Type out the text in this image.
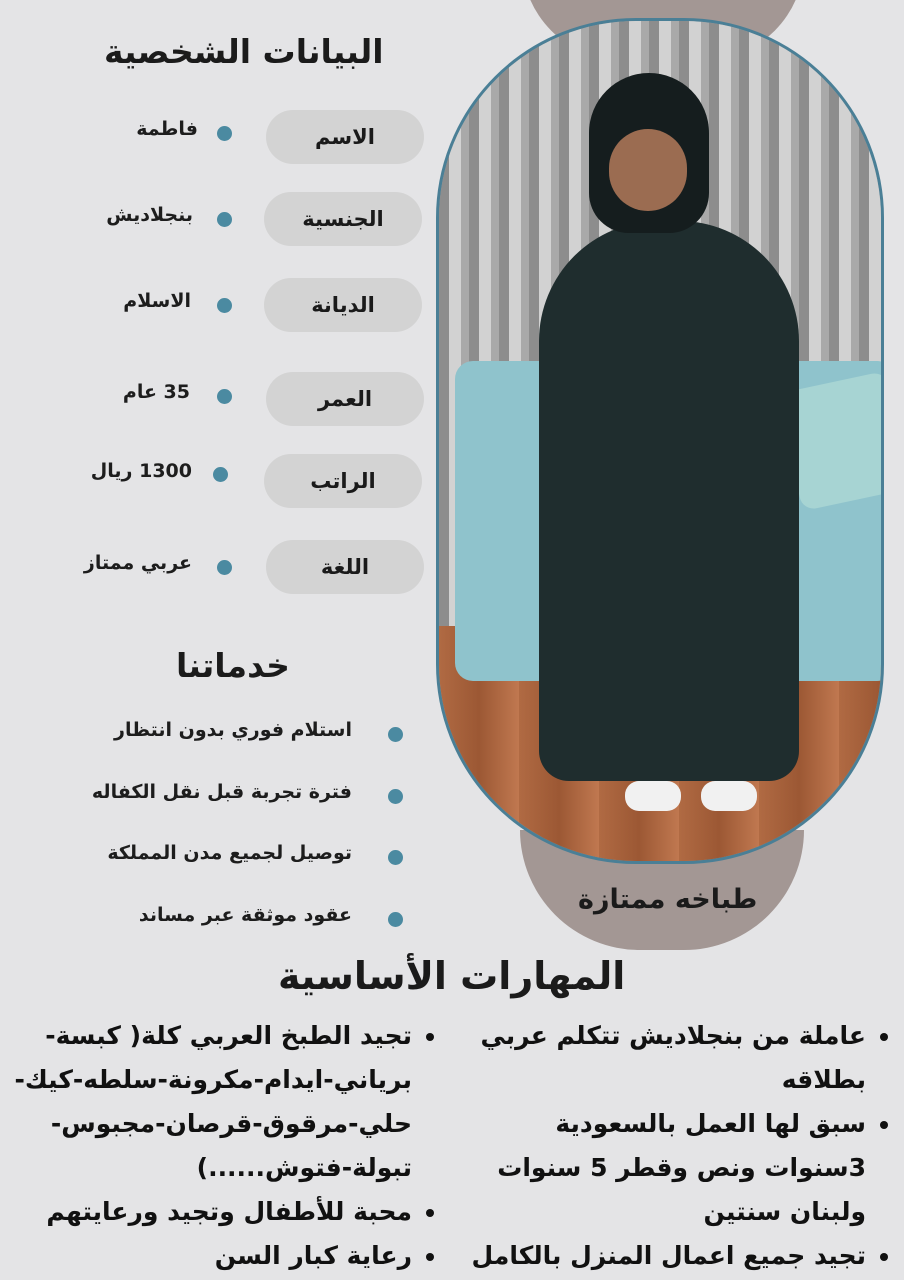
طباخه ممتازة
البيانات الشخصية
الاسم
فاطمة
الجنسية
بنجلاديش
الديانة
الاسلام
العمر
35 عام
الراتب
1300 ريال
اللغة
عربي ممتاز
خدماتنا
استلام فوري بدون انتظار
فترة تجربة قبل نقل الكفاله
توصيل لجميع مدن المملكة
عقود موثقة عبر مساند
المهارات الأساسية
• عاملة من بنجلاديش تتكلم عربي بطلاقه
• سبق لها العمل بالسعودية 3سنوات ونص وقطر 5 سنوات ولبنان سنتين
• تجيد جميع اعمال المنزل بالكامل
• تجيد الطبخ العربي كلة( كبسة-برياني-ايدام-مكرونة-سلطه-كيك-حلي-مرقوق-قرصان-مجبوس-تبولة-فتوش......)
• محبة للأطفال وتجيد ورعايتهم
• رعاية كبار السن
